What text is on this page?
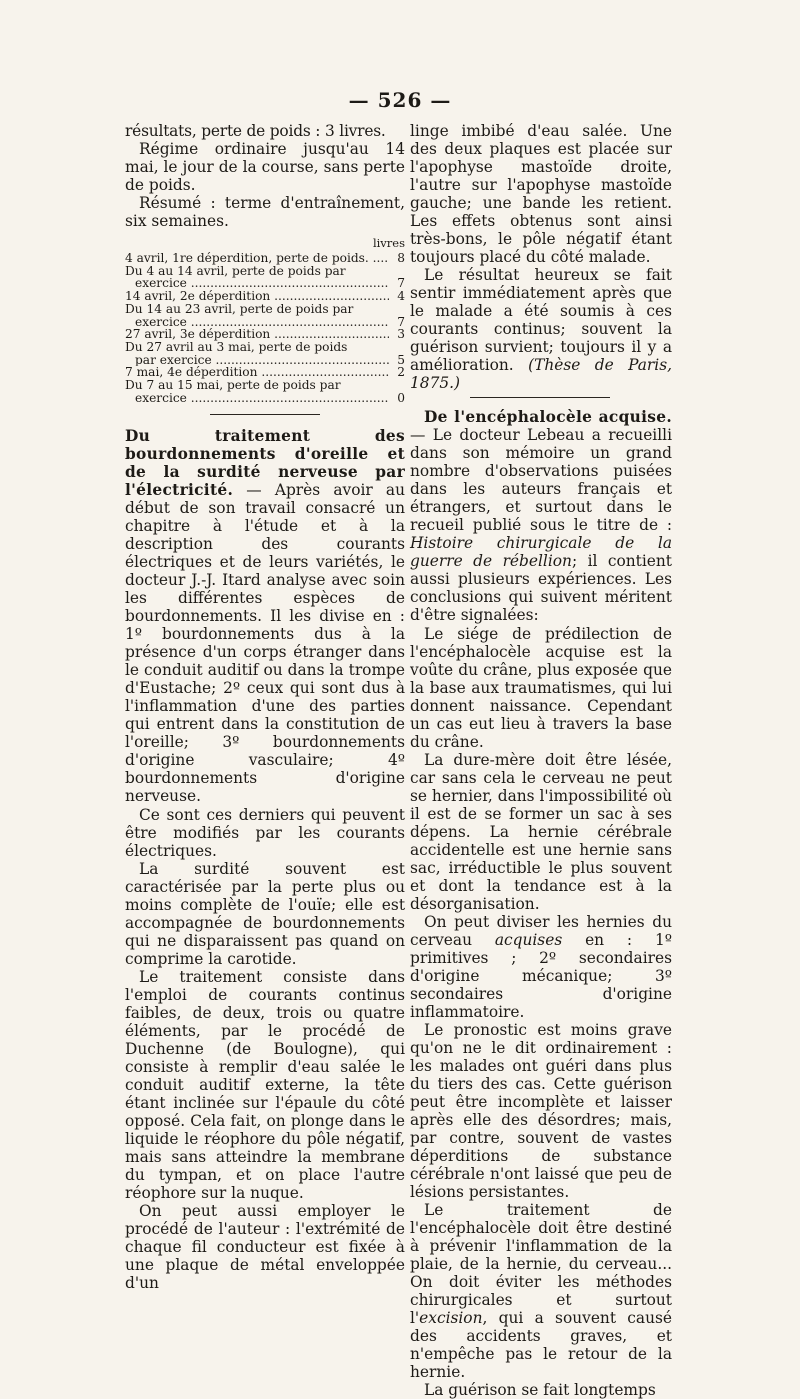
— 526 —

résultats, perte de poids : 3 livres.

Régime ordinaire jusqu'au 14 mai, le jour de la course, sans perte de poids.

Résumé : terme d'entraînement, six semaines.

livres
4 avril, 1re déperdition, perte de poids. .....	8
Du 4 au 14 avril, perte de poids par
exercice .....	7
14 avril, 2e déperdition .....	4
Du 14 au 23 avril, perte de poids par
exercice .....	7
27 avril, 3e déperdition .....	3
Du 27 avril au 3 mai, perte de poids
par exercice .....	5
7 mai, 4e déperdition .....	2
Du 7 au 15 mai, perte de poids par
exercice .....	0

Du traitement des bourdonnements d'oreille et de la surdité nerveuse par l'électricité. — Après avoir au début de son travail consacré un chapitre à l'étude et à la description des courants électriques et de leurs variétés, le docteur J.-J. Itard analyse avec soin les différentes espèces de bourdonnements. Il les divise en : 1º bourdonnements dus à la présence d'un corps étranger dans le conduit auditif ou dans la trompe d'Eustache; 2º ceux qui sont dus à l'inflammation d'une des parties qui entrent dans la constitution de l'oreille; 3º bourdonnements d'origine vasculaire; 4º bourdonnements d'origine nerveuse.

Ce sont ces derniers qui peuvent être modifiés par les courants électriques.

La surdité souvent est caractérisée par la perte plus ou moins complète de l'ouïe; elle est accompagnée de bourdonnements qui ne disparaissent pas quand on comprime la carotide.

Le traitement consiste dans l'emploi de courants continus faibles, de deux, trois ou quatre éléments, par le procédé de Duchenne (de Boulogne), qui consiste à remplir d'eau salée le conduit auditif externe, la tête étant inclinée sur l'épaule du côté opposé. Cela fait, on plonge dans le liquide le réophore du pôle négatif, mais sans atteindre la membrane du tympan, et on place l'autre réophore sur la nuque.

On peut aussi employer le procédé de l'auteur : l'extrémité de chaque fil conducteur est fixée à une plaque de métal enveloppée d'un

linge imbibé d'eau salée. Une des deux plaques est placée sur l'apophyse mastoïde droite, l'autre sur l'apophyse mastoïde gauche; une bande les retient. Les effets obtenus sont ainsi très-bons, le pôle négatif étant toujours placé du côté malade.

Le résultat heureux se fait sentir immédiatement après que le malade a été soumis à ces courants continus; souvent la guérison survient; toujours il y a amélioration. (Thèse de Paris, 1875.)

De l'encéphalocèle acquise. — Le docteur Lebeau a recueilli dans son mémoire un grand nombre d'observations puisées dans les auteurs français et étrangers, et surtout dans le recueil publié sous le titre de : Histoire chirurgicale de la guerre de rébellion; il contient aussi plusieurs expériences. Les conclusions qui suivent méritent d'être signalées:

Le siége de prédilection de l'encéphalocèle acquise est la voûte du crâne, plus exposée que la base aux traumatismes, qui lui donnent naissance. Cependant un cas eut lieu à travers la base du crâne.

La dure-mère doit être lésée, car sans cela le cerveau ne peut se hernier, dans l'impossibilité où il est de se former un sac à ses dépens. La hernie cérébrale accidentelle est une hernie sans sac, irréductible le plus souvent et dont la tendance est à la désorganisation.

On peut diviser les hernies du cerveau acquises en : 1º primitives ; 2º secondaires d'origine mécanique; 3º secondaires d'origine inflammatoire.

Le pronostic est moins grave qu'on ne le dit ordinairement : les malades ont guéri dans plus du tiers des cas. Cette guérison peut être incomplète et laisser après elle des désordres; mais, par contre, souvent de vastes déperditions de substance cérébrale n'ont laissé que peu de lésions persistantes.

Le traitement de l'encéphalocèle doit être destiné à prévenir l'inflammation de la plaie, de la hernie, du cerveau... On doit éviter les méthodes chirurgicales et surtout l'excision, qui a souvent causé des accidents graves, et n'empêche pas le retour de la hernie.

La guérison se fait longtemps
